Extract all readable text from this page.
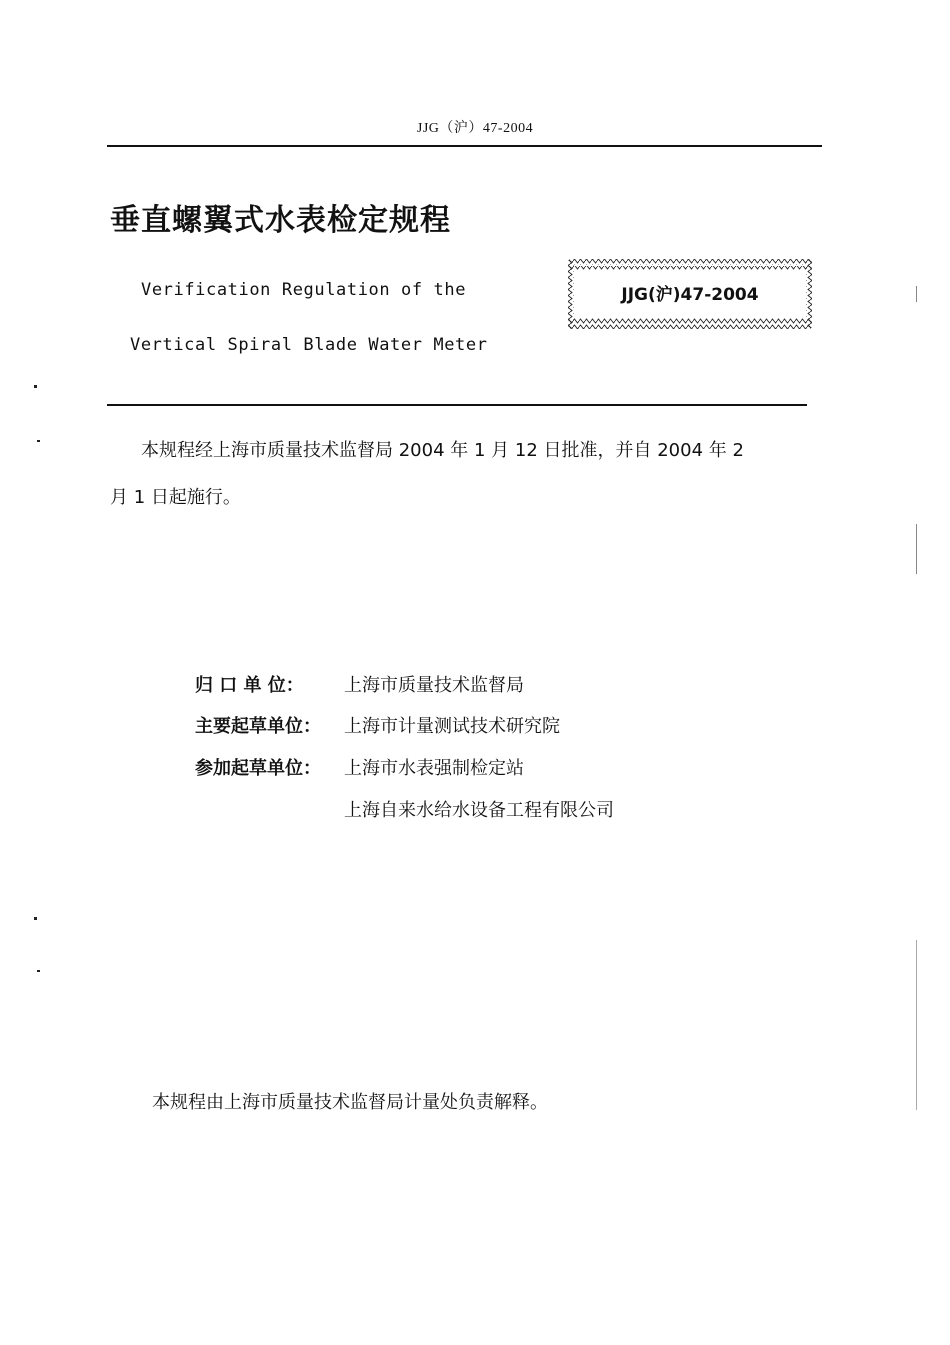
JJG（沪）47-2004
垂直螺翼式水表检定规程
Verification Regulation of the
Vertical Spiral Blade Water Meter
JJG(沪)47-2004
本规程经上海市质量技术监督局 2004 年 1 月 12 日批准，并自 2004 年 2
月 1 日起施行。
归 口 单 位： 上海市质量技术监督局
主要起草单位： 上海市计量测试技术研究院
参加起草单位： 上海市水表强制检定站
上海自来水给水设备工程有限公司
本规程由上海市质量技术监督局计量处负责解释。
